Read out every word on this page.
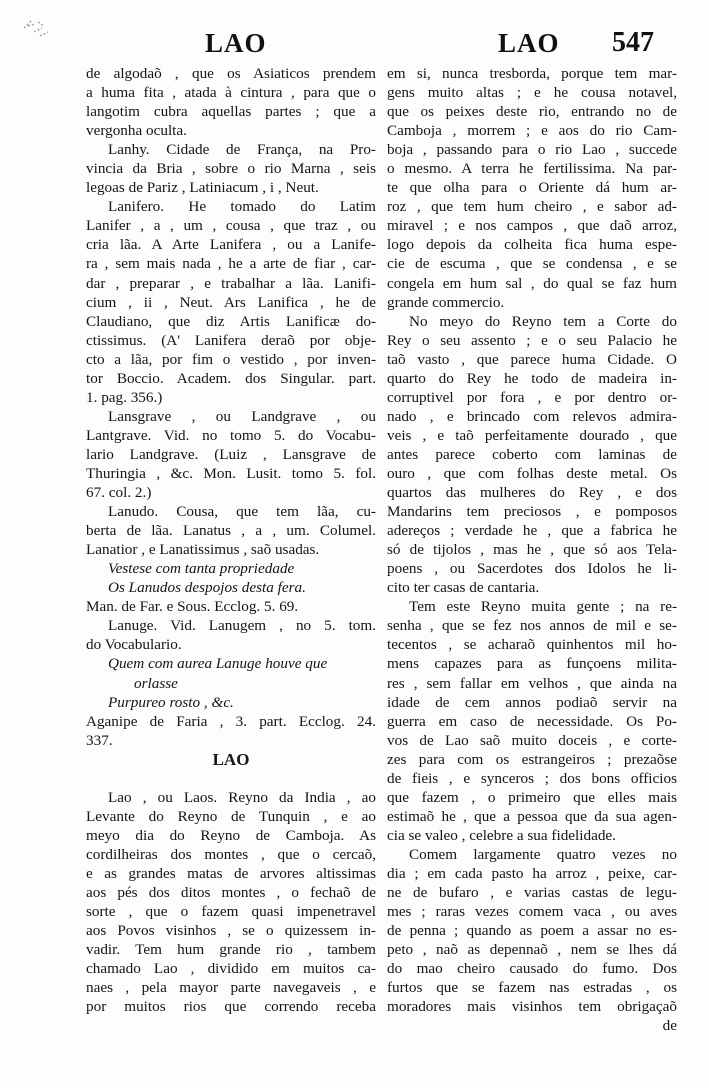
LAO	LAO 547
de algodaõ , que os Asiaticos prendem
a huma fita , atada à cintura , para que o
langotim cubra aquellas partes ; que a
vergonha oculta.
Lanhy. Cidade de França, na Pro-
vincia da Bria , sobre o rio Marna , seis
legoas de Pariz , Latiniacum , i , Neut.
Lanifero. He tomado do Latim
Lanifer , a , um , cousa , que traz , ou
cria lãa. A Arte Lanifera , ou a Lanife-
ra , sem mais nada , he a arte de fiar , car-
dar , preparar , e trabalhar a lãa. Lanifi-
cium , ii , Neut. Ars Lanifica , he de
Claudiano, que diz Artis Lanificæ do-
ctissimus. (A' Lanifera deraõ por obje-
cto a lãa, por fim o vestido , por inven-
tor Boccio. Academ. dos Singular. part.
1. pag. 356.)
Lansgrave , ou Landgrave , ou
Lantgrave. Vid. no tomo 5. do Vocabu-
lario Landgrave. (Luiz , Lansgrave de
Thuringia , &c. Mon. Lusit. tomo 5. fol.
67. col. 2.)
Lanudo. Cousa, que tem lãa, cu-
berta de lãa. Lanatus , a , um. Columel.
Lanatior , e Lanatissimus , saõ usadas.
Vestese com tanta propriedade
Os Lanudos despojos desta fera.
Man. de Far. e Sous. Ecclog. 5. 69.
Lanuge. Vid. Lanugem , no 5. tom.
do Vocabulario.
Quem com aurea Lanuge houve que
orlasse
Purpureo rosto , &c.
Aganipe de Faria , 3. part. Ecclog. 24.
337.
LAO
Lao , ou Laos. Reyno da India , ao
Levante do Reyno de Tunquin , e ao
meyo dia do Reyno de Camboja. As
cordilheiras dos montes , que o cercaõ,
e as grandes matas de arvores altissimas
aos pés dos ditos montes , o fechaõ de
sorte , que o fazem quasi impenetravel
aos Povos visinhos , se o quizessem in-
vadir. Tem hum grande rio , tambem
chamado Lao , dividido em muitos ca-
naes , pela mayor parte navegaveis , e
por muitos rios que correndo receba
em si, nunca tresborda, porque tem mar-
gens muito altas ; e he cousa notavel,
que os peixes deste rio, entrando no de
Camboja , morrem ; e aos do rio Cam-
boja , passando para o rio Lao , succede
o mesmo. A terra he fertilissima. Na par-
te que olha para o Oriente dá hum ar-
roz , que tem hum cheiro , e sabor ad-
miravel ; e nos campos , que daõ arroz,
logo depois da colheita fica huma espe-
cie de escuma , que se condensa , e se
congela em hum sal , do qual se faz hum
grande commercio.
No meyo do Reyno tem a Corte do
Rey o seu assento ; e o seu Palacio he
taõ vasto , que parece huma Cidade. O
quarto do Rey he todo de madeira in-
corruptivel por fora , e por dentro or-
nado , e brincado com relevos admira-
veis , e taõ perfeitamente dourado , que
antes parece coberto com laminas de
ouro , que com folhas deste metal. Os
quartos das mulheres do Rey , e dos
Mandarins tem preciosos , e pomposos
adereços ; verdade he , que a fabrica he
só de tijolos , mas he , que só aos Tela-
poens , ou Sacerdotes dos Idolos he li-
cito ter casas de cantaria.
Tem este Reyno muita gente ; na re-
senha , que se fez nos annos de mil e se-
tecentos , se acharaõ quinhentos mil ho-
mens capazes para as funçoens milita-
res , sem fallar em velhos , que ainda na
idade de cem annos podiaõ servir na
guerra em caso de necessidade. Os Po-
vos de Lao saõ muito doceis , e corte-
zes para com os estrangeiros ; prezaõse
de fieis , e synceros ; dos bons officios
que fazem , o primeiro que elles mais
estimaõ he , que a pessoa que da sua agen-
cia se valeo , celebre a sua fidelidade.
Comem largamente quatro vezes no
dia ; em cada pasto ha arroz , peixe, car-
ne de bufaro , e varias castas de legu-
mes ; raras vezes comem vaca , ou aves
de penna ; quando as poem a assar no es-
peto , naõ as depennaõ , nem se lhes dá
do mao cheiro causado do fumo. Dos
furtos que se fazem nas estradas , os
moradores mais visinhos tem obrigaçaõ
de
